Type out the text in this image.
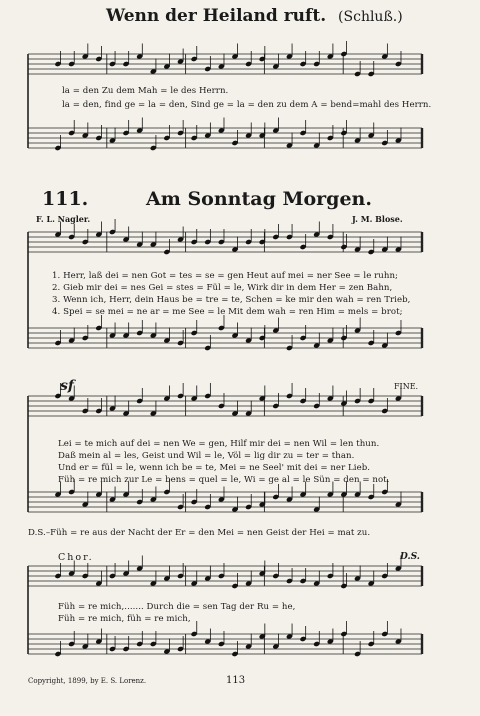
Wenn der Heiland ruft. (Schluß.)
la = den Zu dem Mah = le des Herrn.
la = den, find ge = la = den, Sind ge = la = den zu dem A = bend=mahl des Herrn.
111.	Am Sonntag Morgen.
F. L. Nagler.	J. M. Blose.
1. Herr, laß dei = nen Got = tes = se = gen Heut auf mei = ner See = le ruhn;
2. Gieb mir dei = nes Gei = stes = Fül = le, Wirk dir in dem Her = zen Bahn,
3. Wenn ich, Herr, dein Haus be = tre = te, Schen = ke mir den wah = ren Trieb,
4. Spei = se mei = ne ar = me See = le Mit dem wah = ren Him = mels = brot;
sf	FINE.
Lei = te mich auf dei = nen We = gen, Hilf mir dei = nen Wil = len thun.
Daß mein al = les, Geist und Wil = le, Völ = lig dir zu = ter = than.
Und er = fül = le, wenn ich be = te, Mei = ne Seel' mit dei = ner Lieb.
Füh = re mich zur Le = bens = quel = le, Wi = ge al = le Sün = den = not.
D.S.–Füh = re aus der Nacht der Er = den Mei = nen Geist der Hei = mat zu.
Chor.	D.S.
Füh = re mich,....... Durch die = sen Tag der Ru = he,
Füh = re mich, füh = re mich,
Copyright, 1899, by E. S. Lorenz.	113
